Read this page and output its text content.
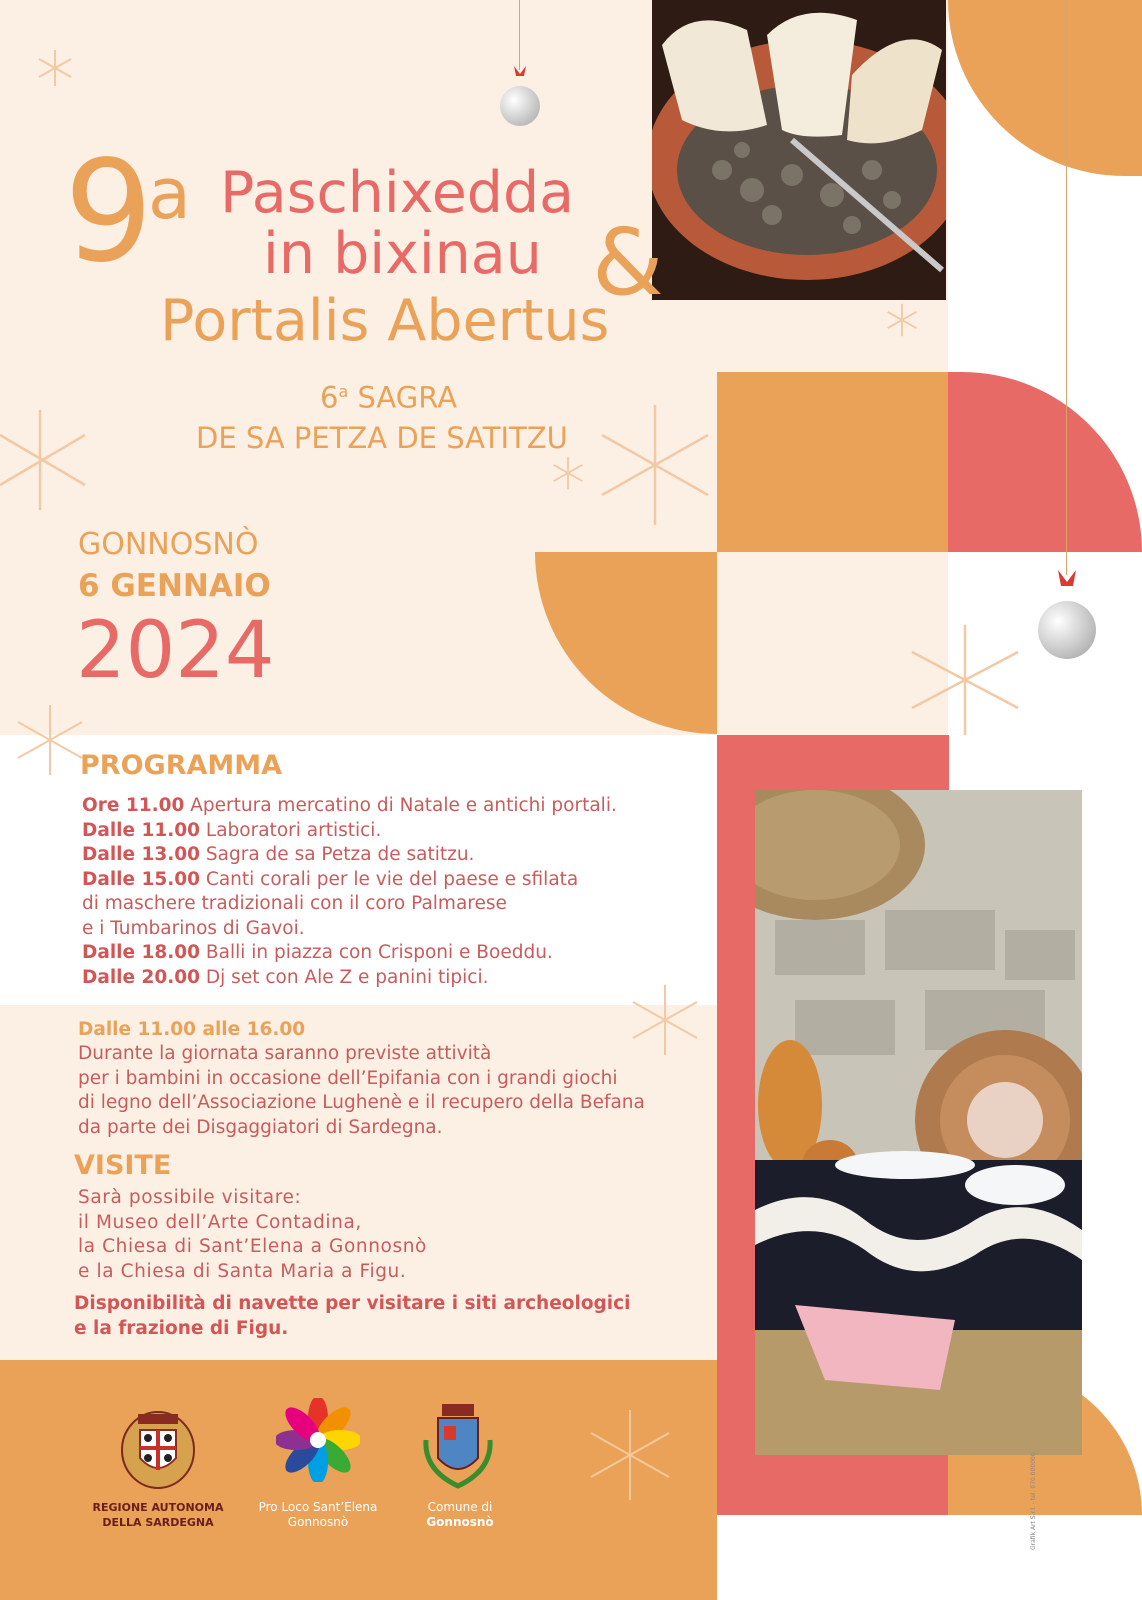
9
a Paschixedda
in bixinau &
Portalis Abertus
6$^a$ SAGRA
DE SA PETZA DE SATITZU
GONNOSNÒ
6 GENNAIO
2024
PROGRAMMA
Ore 11.00 Apertura mercatino di Natale e antichi portali.
Dalle 11.00 Laboratori artistici.
Dalle 13.00 Sagra de sa Petza de satitzu.
Dalle 15.00 Canti corali per le vie del paese e sfilata
di maschere tradizionali con il coro Palmarese
e i Tumbarinos di Gavoi.
Dalle 18.00 Balli in piazza con Crisponi e Boeddu.
Dalle 20.00 Dj set con Ale Z e panini tipici.
Dalle 11.00 alle 16.00
Durante la giornata saranno previste attività
per i bambini in occasione dell’Epifania con i grandi giochi
di legno dell’Associazione Lughenè e il recupero della Befana
da parte dei Disgaggiatori di Sardegna.
VISITE
Sarà possibile visitare:
il Museo dell’Arte Contadina,
la Chiesa di Sant’Elena a Gonnosnò
e la Chiesa di Santa Maria a Figu.
Disponibilità di navette per visitare i siti archeologici
e la frazione di Figu.
REGIONE AUTONOMA
DELLA SARDEGNA
Pro Loco Sant’Elena
Gonnosnò
Comune di
Gonnosnò	Grafik Art S.r.l. - tel. 070.000000
